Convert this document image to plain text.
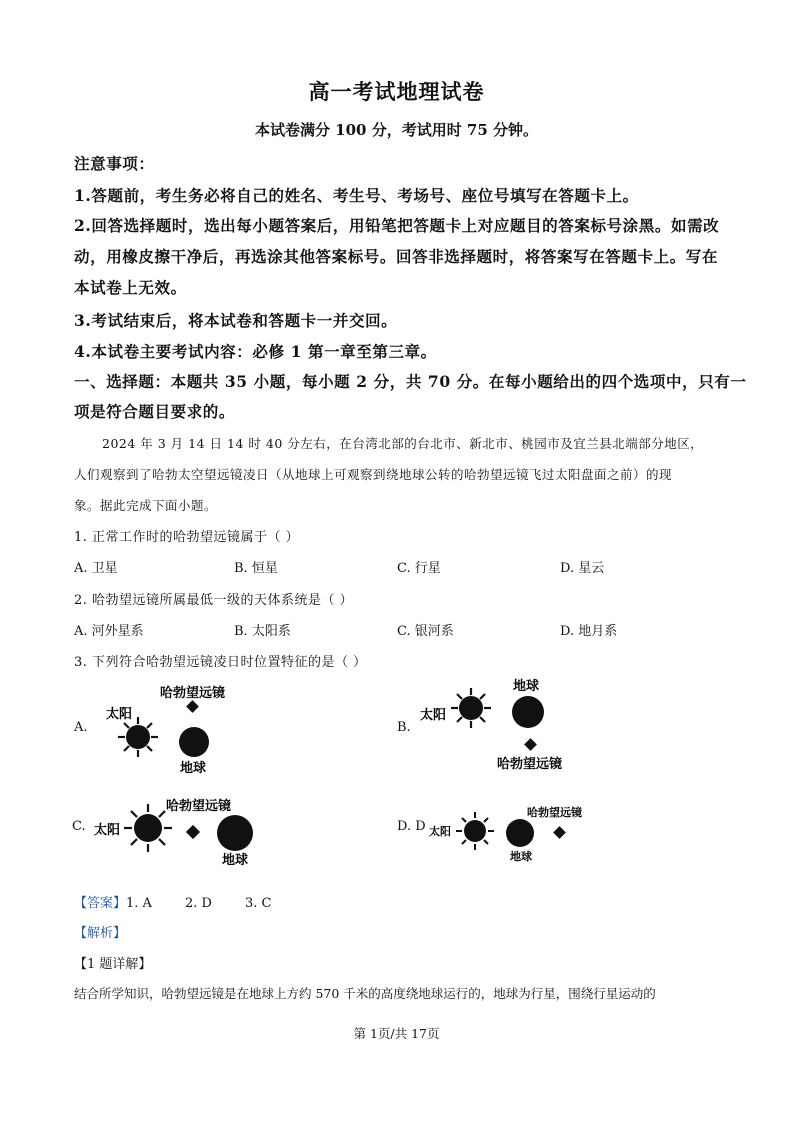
高一考试地理试卷
本试卷满分 100 分，考试用时 75 分钟。
注意事项：
1.答题前，考生务必将自己的姓名、考生号、考场号、座位号填写在答题卡上。
2.回答选择题时，选出每小题答案后，用铅笔把答题卡上对应题目的答案标号涂黑。如需改
动，用橡皮擦干净后，再选涂其他答案标号。回答非选择题时，将答案写在答题卡上。写在
本试卷上无效。
3.考试结束后，将本试卷和答题卡一并交回。
4.本试卷主要考试内容：必修 1 第一章至第三章。
一、选择题：本题共 35 小题，每小题 2 分，共 70 分。在每小题给出的四个选项中，只有一
项是符合题目要求的。
2024 年 3 月 14 日 14 时 40 分左右，在台湾北部的台北市、新北市、桃园市及宜兰县北端部分地区，
人们观察到了哈勃太空望远镜凌日（从地球上可观察到绕地球公转的哈勃望远镜飞过太阳盘面之前）的现
象。据此完成下面小题。
1. 正常工作时的哈勃望远镜属于（ ）
A. 卫星	B. 恒星	C. 行星	D. 星云
2. 哈勃望远镜所属最低一级的天体系统是（ ）
A. 河外星系	B. 太阳系	C. 银河系	D. 地月系
3. 下列符合哈勃望远镜凌日时位置特征的是（ ）
A.	B.
C.	D. D
太阳
哈勃望远镜
地球
太阳
地球
哈勃望远镜
太阳
哈勃望远镜
地球
太阳
地球
哈勃望远镜
【答案】1. A        2. D        3. C
【解析】
【1 题详解】
结合所学知识，哈勃望远镜是在地球上方约 570 千米的高度绕地球运行的，地球为行星，围绕行星运动的
第 1页/共 17页
